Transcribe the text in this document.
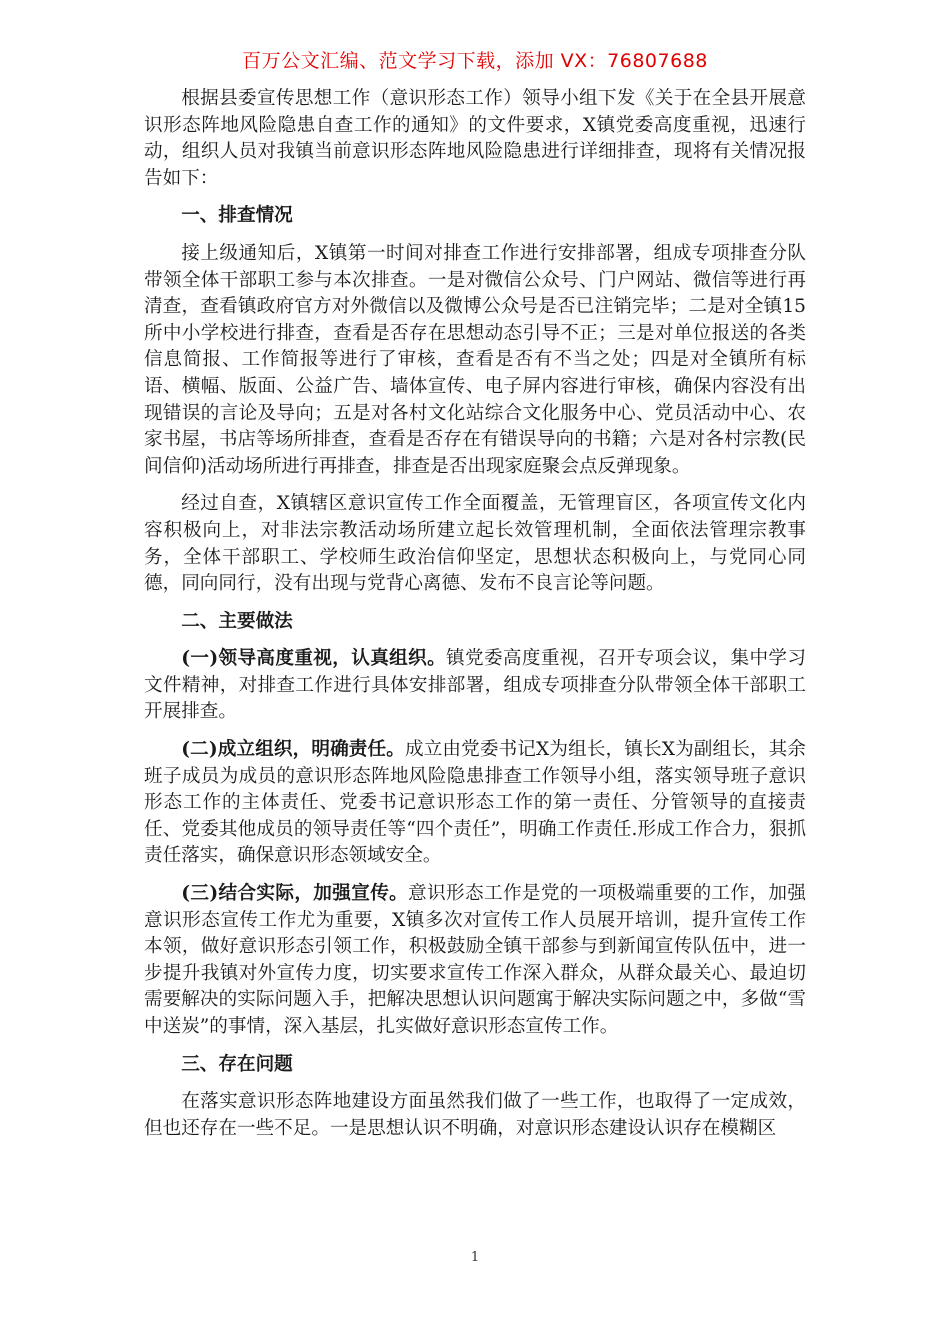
百万公文汇编、范文学习下载，添加 VX：76807688

根据县委宣传思想工作（意识形态工作）领导小组下发《关于在全县开展意识形态阵地风险隐患自查工作的通知》的文件要求，X镇党委高度重视，迅速行动，组织人员对我镇当前意识形态阵地风险隐患进行详细排查，现将有关情况报告如下：

一、排查情况

接上级通知后，X镇第一时间对排查工作进行安排部署，组成专项排查分队带领全体干部职工参与本次排查。一是对微信公众号、门户网站、微信等进行再清查，查看镇政府官方对外微信以及微博公众号是否已注销完毕；二是对全镇15所中小学校进行排查，查看是否存在思想动态引导不正；三是对单位报送的各类信息简报、工作简报等进行了审核，查看是否有不当之处；四是对全镇所有标语、横幅、版面、公益广告、墙体宣传、电子屏内容进行审核，确保内容没有出现错误的言论及导向；五是对各村文化站综合文化服务中心、党员活动中心、农家书屋，书店等场所排查，查看是否存在有错误导向的书籍；六是对各村宗教(民间信仰)活动场所进行再排查，排查是否出现家庭聚会点反弹现象。

经过自查，X镇辖区意识宣传工作全面覆盖，无管理盲区，各项宣传文化内容积极向上，对非法宗教活动场所建立起长效管理机制，全面依法管理宗教事务，全体干部职工、学校师生政治信仰坚定，思想状态积极向上，与党同心同德，同向同行，没有出现与党背心离德、发布不良言论等问题。

二、主要做法

(一)领导高度重视，认真组织。镇党委高度重视，召开专项会议，集中学习文件精神，对排查工作进行具体安排部署，组成专项排查分队带领全体干部职工开展排查。

(二)成立组织，明确责任。成立由党委书记X为组长，镇长X为副组长，其余班子成员为成员的意识形态阵地风险隐患排查工作领导小组，落实领导班子意识形态工作的主体责任、党委书记意识形态工作的第一责任、分管领导的直接责任、党委其他成员的领导责任等“四个责任”，明确工作责任.形成工作合力，狠抓责任落实，确保意识形态领域安全。

(三)结合实际，加强宣传。意识形态工作是党的一项极端重要的工作，加强意识形态宣传工作尤为重要，X镇多次对宣传工作人员展开培训，提升宣传工作本领，做好意识形态引领工作，积极鼓励全镇干部参与到新闻宣传队伍中，进一步提升我镇对外宣传力度，切实要求宣传工作深入群众，从群众最关心、最迫切需要解决的实际问题入手，把解决思想认识问题寓于解决实际问题之中，多做“雪中送炭”的事情，深入基层，扎实做好意识形态宣传工作。

三、存在问题

在落实意识形态阵地建设方面虽然我们做了一些工作，也取得了一定成效，但也还存在一些不足。一是思想认识不明确，对意识形态建设认识存在模糊区

1
